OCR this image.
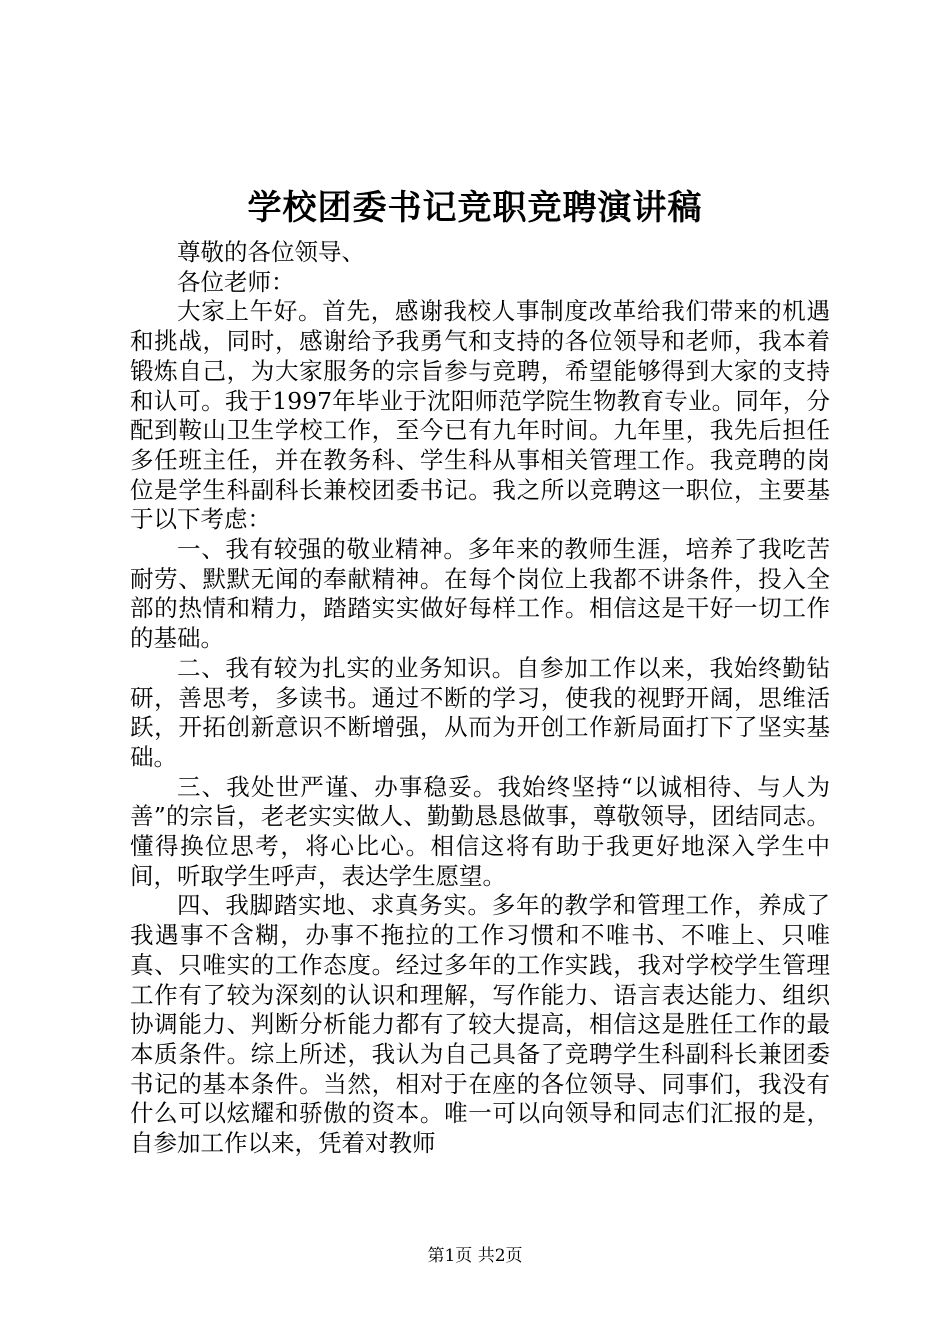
学校团委书记竞职竞聘演讲稿
尊敬的各位领导、
各位老师：

大家上午好。首先，感谢我校人事制度改革给我们带来的机遇和挑战，同时，感谢给予我勇气和支持的各位领导和老师，我本着锻炼自己，为大家服务的宗旨参与竞聘，希望能够得到大家的支持和认可。我于1997年毕业于沈阳师范学院生物教育专业。同年，分配到鞍山卫生学校工作，至今已有九年时间。九年里，我先后担任多任班主任，并在教务科、学生科从事相关管理工作。我竞聘的岗位是学生科副科长兼校团委书记。我之所以竞聘这一职位，主要基于以下考虑：

一、我有较强的敬业精神。多年来的教师生涯，培养了我吃苦耐劳、默默无闻的奉献精神。在每个岗位上我都不讲条件，投入全部的热情和精力，踏踏实实做好每样工作。相信这是干好一切工作的基础。

二、我有较为扎实的业务知识。自参加工作以来，我始终勤钻研，善思考，多读书。通过不断的学习，使我的视野开阔，思维活跃，开拓创新意识不断增强，从而为开创工作新局面打下了坚实基础。

三、我处世严谨、办事稳妥。我始终坚持“以诚相待、与人为善”的宗旨，老老实实做人、勤勤恳恳做事，尊敬领导，团结同志。懂得换位思考，将心比心。相信这将有助于我更好地深入学生中间，听取学生呼声，表达学生愿望。

四、我脚踏实地、求真务实。多年的教学和管理工作，养成了我遇事不含糊，办事不拖拉的工作习惯和不唯书、不唯上、只唯真、只唯实的工作态度。经过多年的工作实践，我对学校学生管理工作有了较为深刻的认识和理解，写作能力、语言表达能力、组织协调能力、判断分析能力都有了较大提高，相信这是胜任工作的最本质条件。综上所述，我认为自己具备了竞聘学生科副科长兼团委书记的基本条件。当然，相对于在座的各位领导、同事们，我没有什么可以炫耀和骄傲的资本。唯一可以向领导和同志们汇报的是，自参加工作以来，凭着对教师

第1页 共2页
